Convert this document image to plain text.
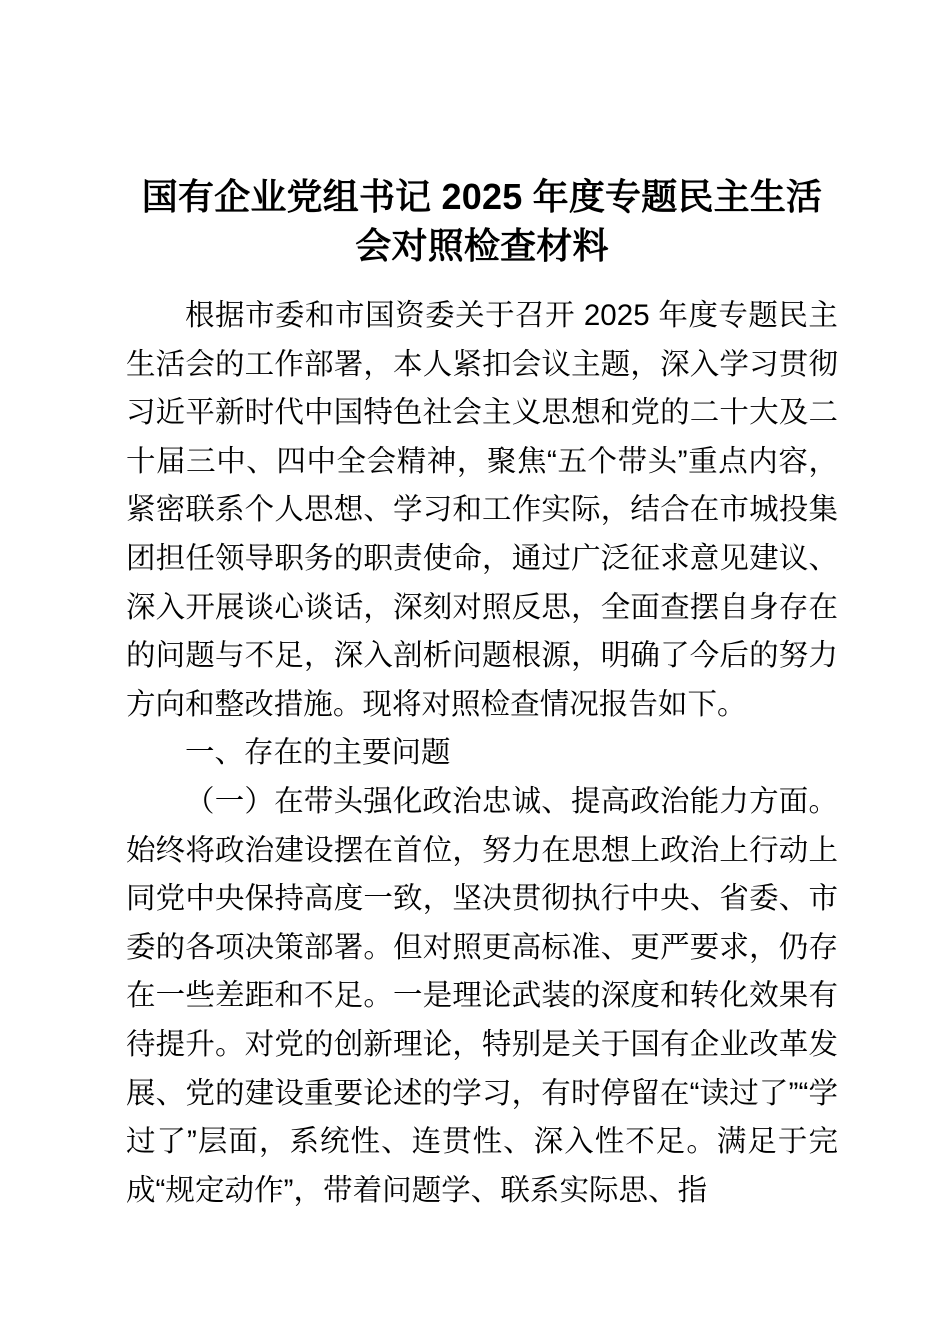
国有企业党组书记 2025 年度专题民主生活会对照检查材料

根据市委和市国资委关于召开 2025 年度专题民主生活会的工作部署，本人紧扣会议主题，深入学习贯彻习近平新时代中国特色社会主义思想和党的二十大及二十届三中、四中全会精神，聚焦“五个带头”重点内容，紧密联系个人思想、学习和工作实际，结合在市城投集团担任领导职务的职责使命，通过广泛征求意见建议、深入开展谈心谈话，深刻对照反思，全面查摆自身存在的问题与不足，深入剖析问题根源，明确了今后的努力方向和整改措施。现将对照检查情况报告如下。

一、存在的主要问题

（一）在带头强化政治忠诚、提高政治能力方面。始终将政治建设摆在首位，努力在思想上政治上行动上同党中央保持高度一致，坚决贯彻执行中央、省委、市委的各项决策部署。但对照更高标准、更严要求，仍存在一些差距和不足。一是理论武装的深度和转化效果有待提升。对党的创新理论，特别是关于国有企业改革发展、党的建设重要论述的学习，有时停留在“读过了”“学过了”层面，系统性、连贯性、深入性不足。满足于完成“规定动作”，带着问题学、联系实际思、指
